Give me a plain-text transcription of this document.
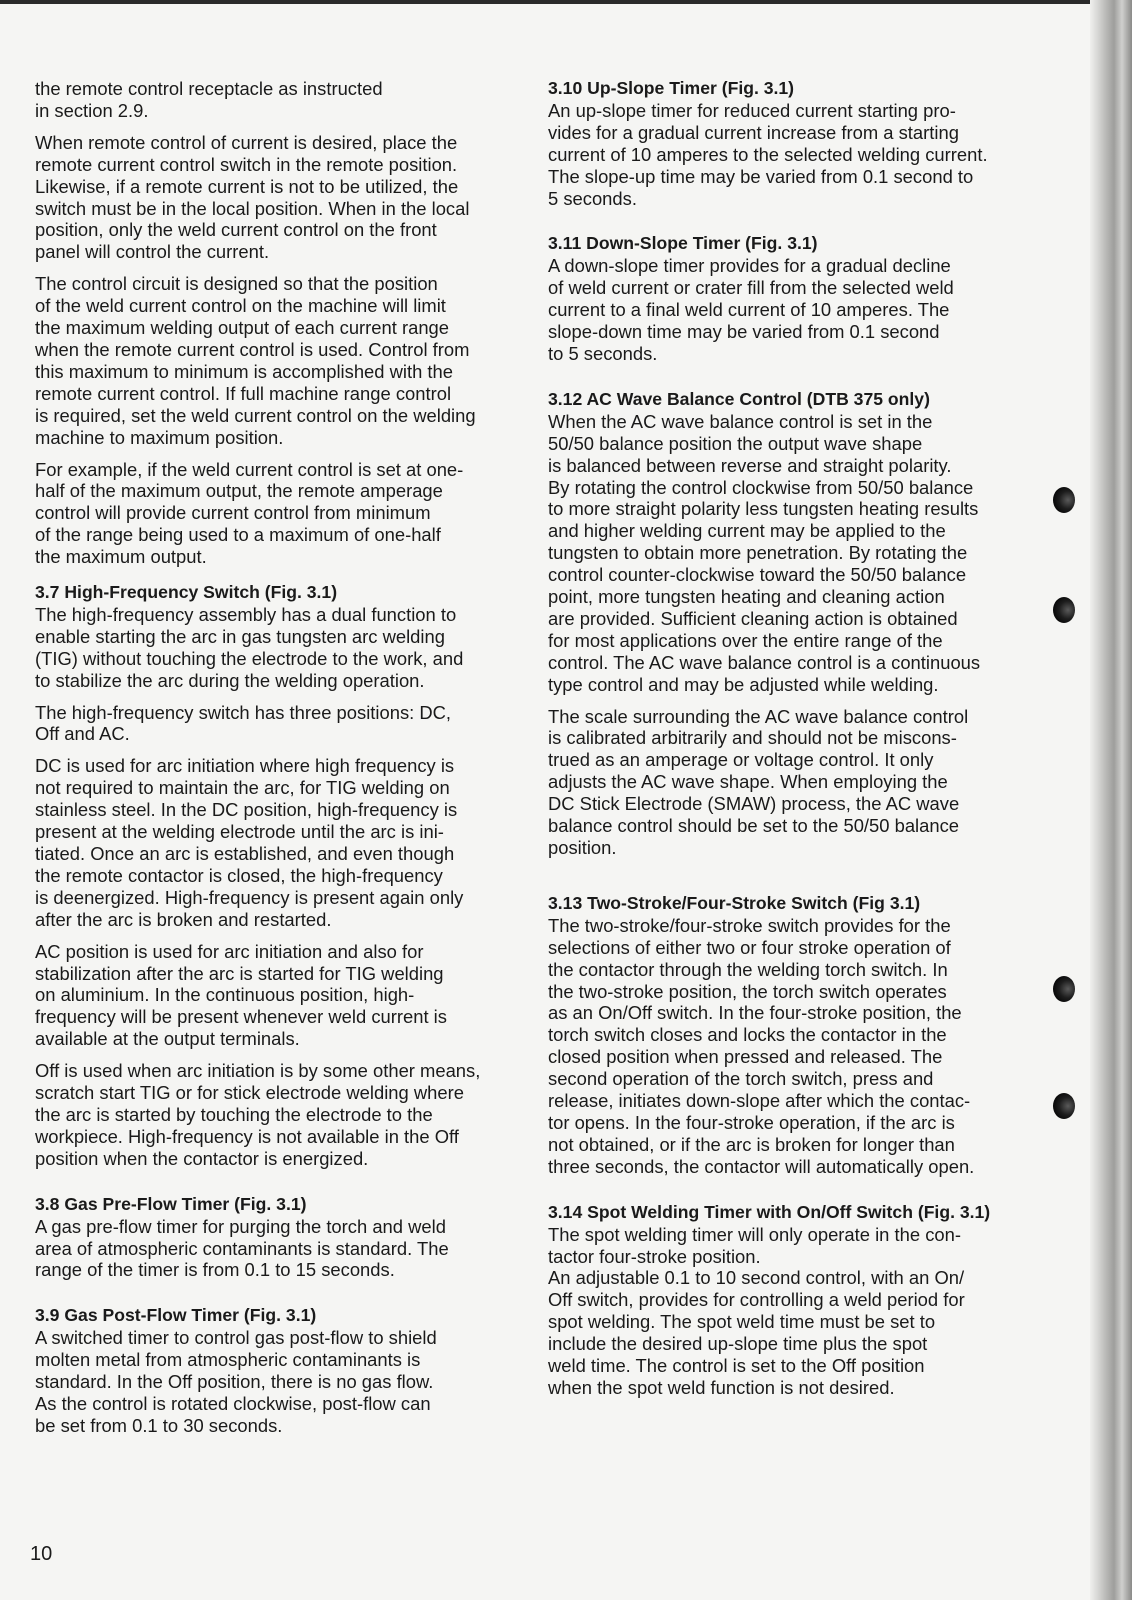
the remote control receptacle as instructed
in section 2.9.

When remote control of current is desired, place the
remote current control switch in the remote position.
Likewise, if a remote current is not to be utilized, the
switch must be in the local position. When in the local
position, only the weld current control on the front
panel will control the current.

The control circuit is designed so that the position
of the weld current control on the machine will limit
the maximum welding output of each current range
when the remote current control is used. Control from
this maximum to minimum is accomplished with the
remote current control. If full machine range control
is required, set the weld current control on the welding
machine to maximum position.

For example, if the weld current control is set at one-
half of the maximum output, the remote amperage
control will provide current control from minimum
of the range being used to a maximum of one-half
the maximum output.

3.7 High-Frequency Switch (Fig. 3.1)

The high-frequency assembly has a dual function to
enable starting the arc in gas tungsten arc welding
(TIG) without touching the electrode to the work, and
to stabilize the arc during the welding operation.

The high-frequency switch has three positions: DC,
Off and AC.

DC is used for arc initiation where high frequency is
not required to maintain the arc, for TIG welding on
stainless steel. In the DC position, high-frequency is
present at the welding electrode until the arc is ini-
tiated. Once an arc is established, and even though
the remote contactor is closed, the high-frequency
is deenergized. High-frequency is present again only
after the arc is broken and restarted.

AC position is used for arc initiation and also for
stabilization after the arc is started for TIG welding
on aluminium. In the continuous position, high-
frequency will be present whenever weld current is
available at the output terminals.

Off is used when arc initiation is by some other means,
scratch start TIG or for stick electrode welding where
the arc is started by touching the electrode to the
workpiece. High-frequency is not available in the Off
position when the contactor is energized.

3.8 Gas Pre-Flow Timer (Fig. 3.1)

A gas pre-flow timer for purging the torch and weld
area of atmospheric contaminants is standard. The
range of the timer is from 0.1 to 15 seconds.

3.9 Gas Post-Flow Timer (Fig. 3.1)

A switched timer to control gas post-flow to shield
molten metal from atmospheric contaminants is
standard. In the Off position, there is no gas flow.
As the control is rotated clockwise, post-flow can
be set from 0.1 to 30 seconds.

3.10 Up-Slope Timer (Fig. 3.1)

An up-slope timer for reduced current starting pro-
vides for a gradual current increase from a starting
current of 10 amperes to the selected welding current.
The slope-up time may be varied from 0.1 second to
5 seconds.

3.11 Down-Slope Timer (Fig. 3.1)

A down-slope timer provides for a gradual decline
of weld current or crater fill from the selected weld
current to a final weld current of 10 amperes. The
slope-down time may be varied from 0.1 second
to 5 seconds.

3.12 AC Wave Balance Control (DTB 375 only)

When the AC wave balance control is set in the
50/50 balance position the output wave shape
is balanced between reverse and straight polarity.
By rotating the control clockwise from 50/50 balance
to more straight polarity less tungsten heating results
and higher welding current may be applied to the
tungsten to obtain more penetration. By rotating the
control counter-clockwise toward the 50/50 balance
point, more tungsten heating and cleaning action
are provided. Sufficient cleaning action is obtained
for most applications over the entire range of the
control. The AC wave balance control is a continuous
type control and may be adjusted while welding.

The scale surrounding the AC wave balance control
is calibrated arbitrarily and should not be miscons-
trued as an amperage or voltage control. It only
adjusts the AC wave shape. When employing the
DC Stick Electrode (SMAW) process, the AC wave
balance control should be set to the 50/50 balance
position.

3.13 Two-Stroke/Four-Stroke Switch (Fig 3.1)

The two-stroke/four-stroke switch provides for the
selections of either two or four stroke operation of
the contactor through the welding torch switch. In
the two-stroke position, the torch switch operates
as an On/Off switch. In the four-stroke position, the
torch switch closes and locks the contactor in the
closed position when pressed and released. The
second operation of the torch switch, press and
release, initiates down-slope after which the contac-
tor opens. In the four-stroke operation, if the arc is
not obtained, or if the arc is broken for longer than
three seconds, the contactor will automatically open.

3.14 Spot Welding Timer with On/Off Switch (Fig. 3.1)

The spot welding timer will only operate in the con-
tactor four-stroke position.
An adjustable 0.1 to 10 second control, with an On/
Off switch, provides for controlling a weld period for
spot welding. The spot weld time must be set to
include the desired up-slope time plus the spot
weld time. The control is set to the Off position
when the spot weld function is not desired.

10
